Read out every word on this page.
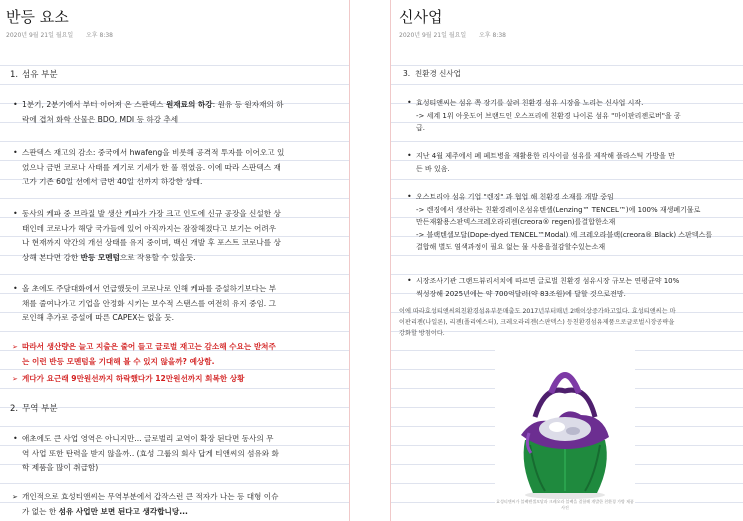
반등 요소
2020년 9월 21일 월요일 오후 8:38
1. 섬유 부분
• 1분기, 2분기에서 부터 이어져 온 스판덱스 원재료의 하강: 원유 등 원자재의 하
락에 겹쳐 화학 산물은 BDO, MDI 등 하강 추세
• 스판덱스 재고의 감소: 중국에서 hwafeng을 비롯해 공격적 투자를 이어오고 있
었으나 금번 코로나 사태를 계기로 기세가 한 풀 꺾였음. 이에 따라 스판덱스 재
고가 기존 60일 선에서 금번 40일 선까지 하강한 상태.
• 동사의 케파 중 브라질 발 생산 케파가 가장 크고 인도에 신규 공장을 신설한 상
태인데 코로나가 해당 국가들에 있어 아직까지는 잠잠해졌다고 보기는 어려우
나 현재까지 약간의 개선 상태를 유지 중이며, 백신 개발 후 포스트 코로나를 상
상해 본다면 강한 반등 모멘텀으로 작용할 수 있을듯.
• 올 초에도 주담대화에서 언급했듯이 코로나로 인해 케파를 증설하기보다는 부
채를 줄여나가고 기업을 안정화 시키는 보수적 스탠스를 여전히 유지 중임. 그
로인해 추가로 증설에 따른 CAPEX는 없을 듯.
➢ 따라서 생산량은 늘고 지출은 줄어 들고 글로벌 재고는 감소해 수요는 받쳐주
는 이런 반등 모멘텀을 기대해 볼 수 있지 않을까? 예상함.
➢ 게다가 요근래 9만원선까지 하락했다가 12만원선까지 회복한 상황
2. 무역 부분
• 애초에도 큰 사업 영역은 아니지만... 글로벌리 교역이 확장 된다면 동사의 무
역 사업 또한 탄력을 받지 않을까.. (효성 그룹의 회사 답게 티앤씨의 섬유와 화
학 제품을 많이 취급함)
➢ 개인적으로 효성티앤씨는 무역부분에서 갑작스런 큰 적자가 나는 등 대형 이슈
가 없는 한 섬유 사업만 보면 된다고 생각합니당...
신사업
2020년 9월 21일 월요일 오후 8:38
3. 친환경 신사업
• 효성티앤씨는 섬유 쪽 장기를 살려 친환경 섬유 시장을 노리는 신사업 시작.
-> 세계 1위 아웃도어 브랜드인 오스프리에 친환경 나이론 섬유 "마이판리젠로버"을 공
급.
• 지난 4월 제주에서 폐 페트병을 재활용한 리사이클 섬유를 제작해 플라스틱 가방을 만
든 바 있음.
• 오스트리아 섬유 기업 "렌징" 과 협업 해 친환경 소재를 개발 중임
-> 렌징에서 생산하는 친환경레이온섬유텐셀(Lenzing™ TENCEL™)에 100% 재생폐기물로
만든재활용스판덱스크레오라리젠(creora® regen)를결합한소재
-> 블랙텐셀모달(Dope-dyed TENCEL™Modal) 에 크레오라블랙(creora® Black) 스판덱스를
결합해 별도 염색과정이 필요 없는 물 사용을절감할수있는소재
• 시장조사기관 그랜드뷰리서치에 따르면 글로벌 친환경 섬유시장 규모는 연평균약 10%
씩성장해 2025년에는 약 700억달러(약 83조원)에 달할 것으로전망.
이에 따라효성티앤씨의친환경섬유부문매출도 2017년부터매년 2배이상증가하고있다. 효성티앤씨는 마
이판리젠(나일론), 리젠(폴리에스터), 크레오라리젠(스판덱스) 등친환경섬유제품으로글로벌시장공략을
강화할 방침이다.
효성티앤씨가 블랙텐셀모달과 크레오라 블랙을 결합해 개발한 친환경 가방 제품 사진
